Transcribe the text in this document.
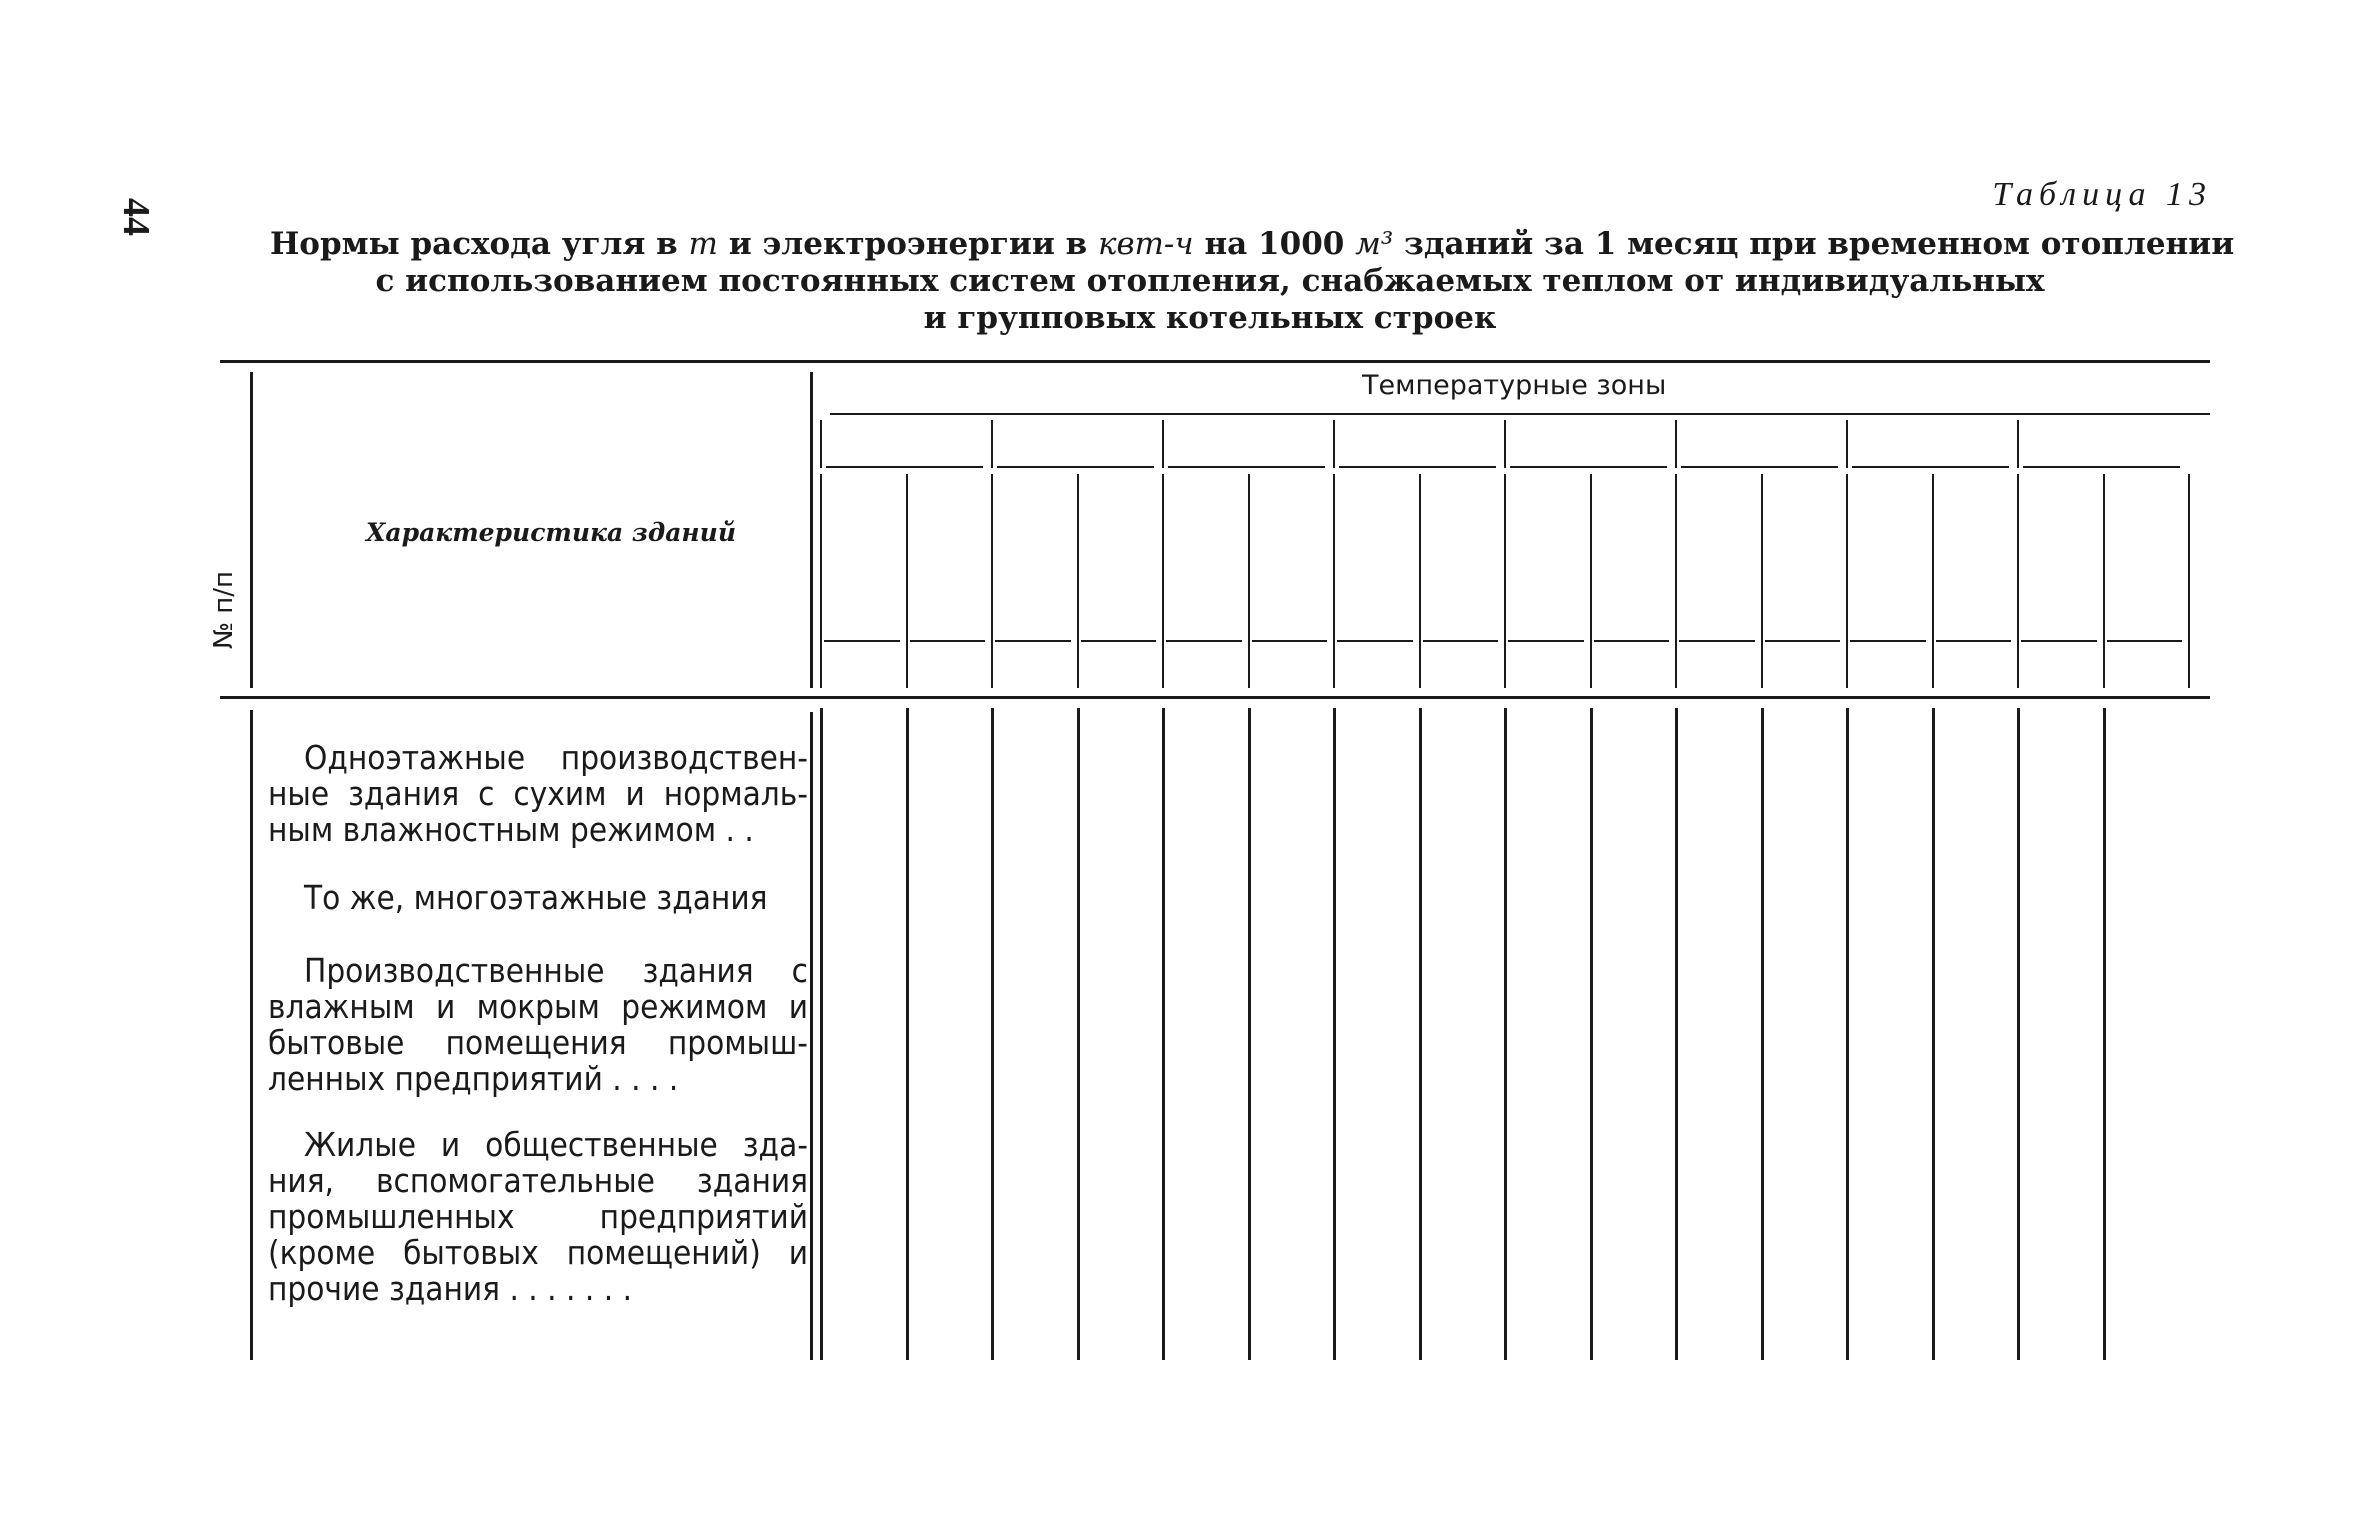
44
Таблица 13
Нормы расхода угля в т и электроэнергии в квт-ч на 1000 м³ зданий за 1 месяц при временном отоплении
с использованием постоянных систем отопления, снабжаемых теплом от индивидуальных
и групповых котельных строек
№ п/п
Характеристика зданий
Температурные зоны
Одноэтажные производствен-
ные здания с сухим и нормаль-
ным влажностным режимом . .
То же, многоэтажные здания
Производственные здания с
влажным и мокрым режимом и
бытовые помещения промыш-
ленных предприятий . . . .
Жилые и общественные зда-
ния, вспомогательные здания
промышленных предприятий
(кроме бытовых помещений) и
прочие здания . . . . . . .
